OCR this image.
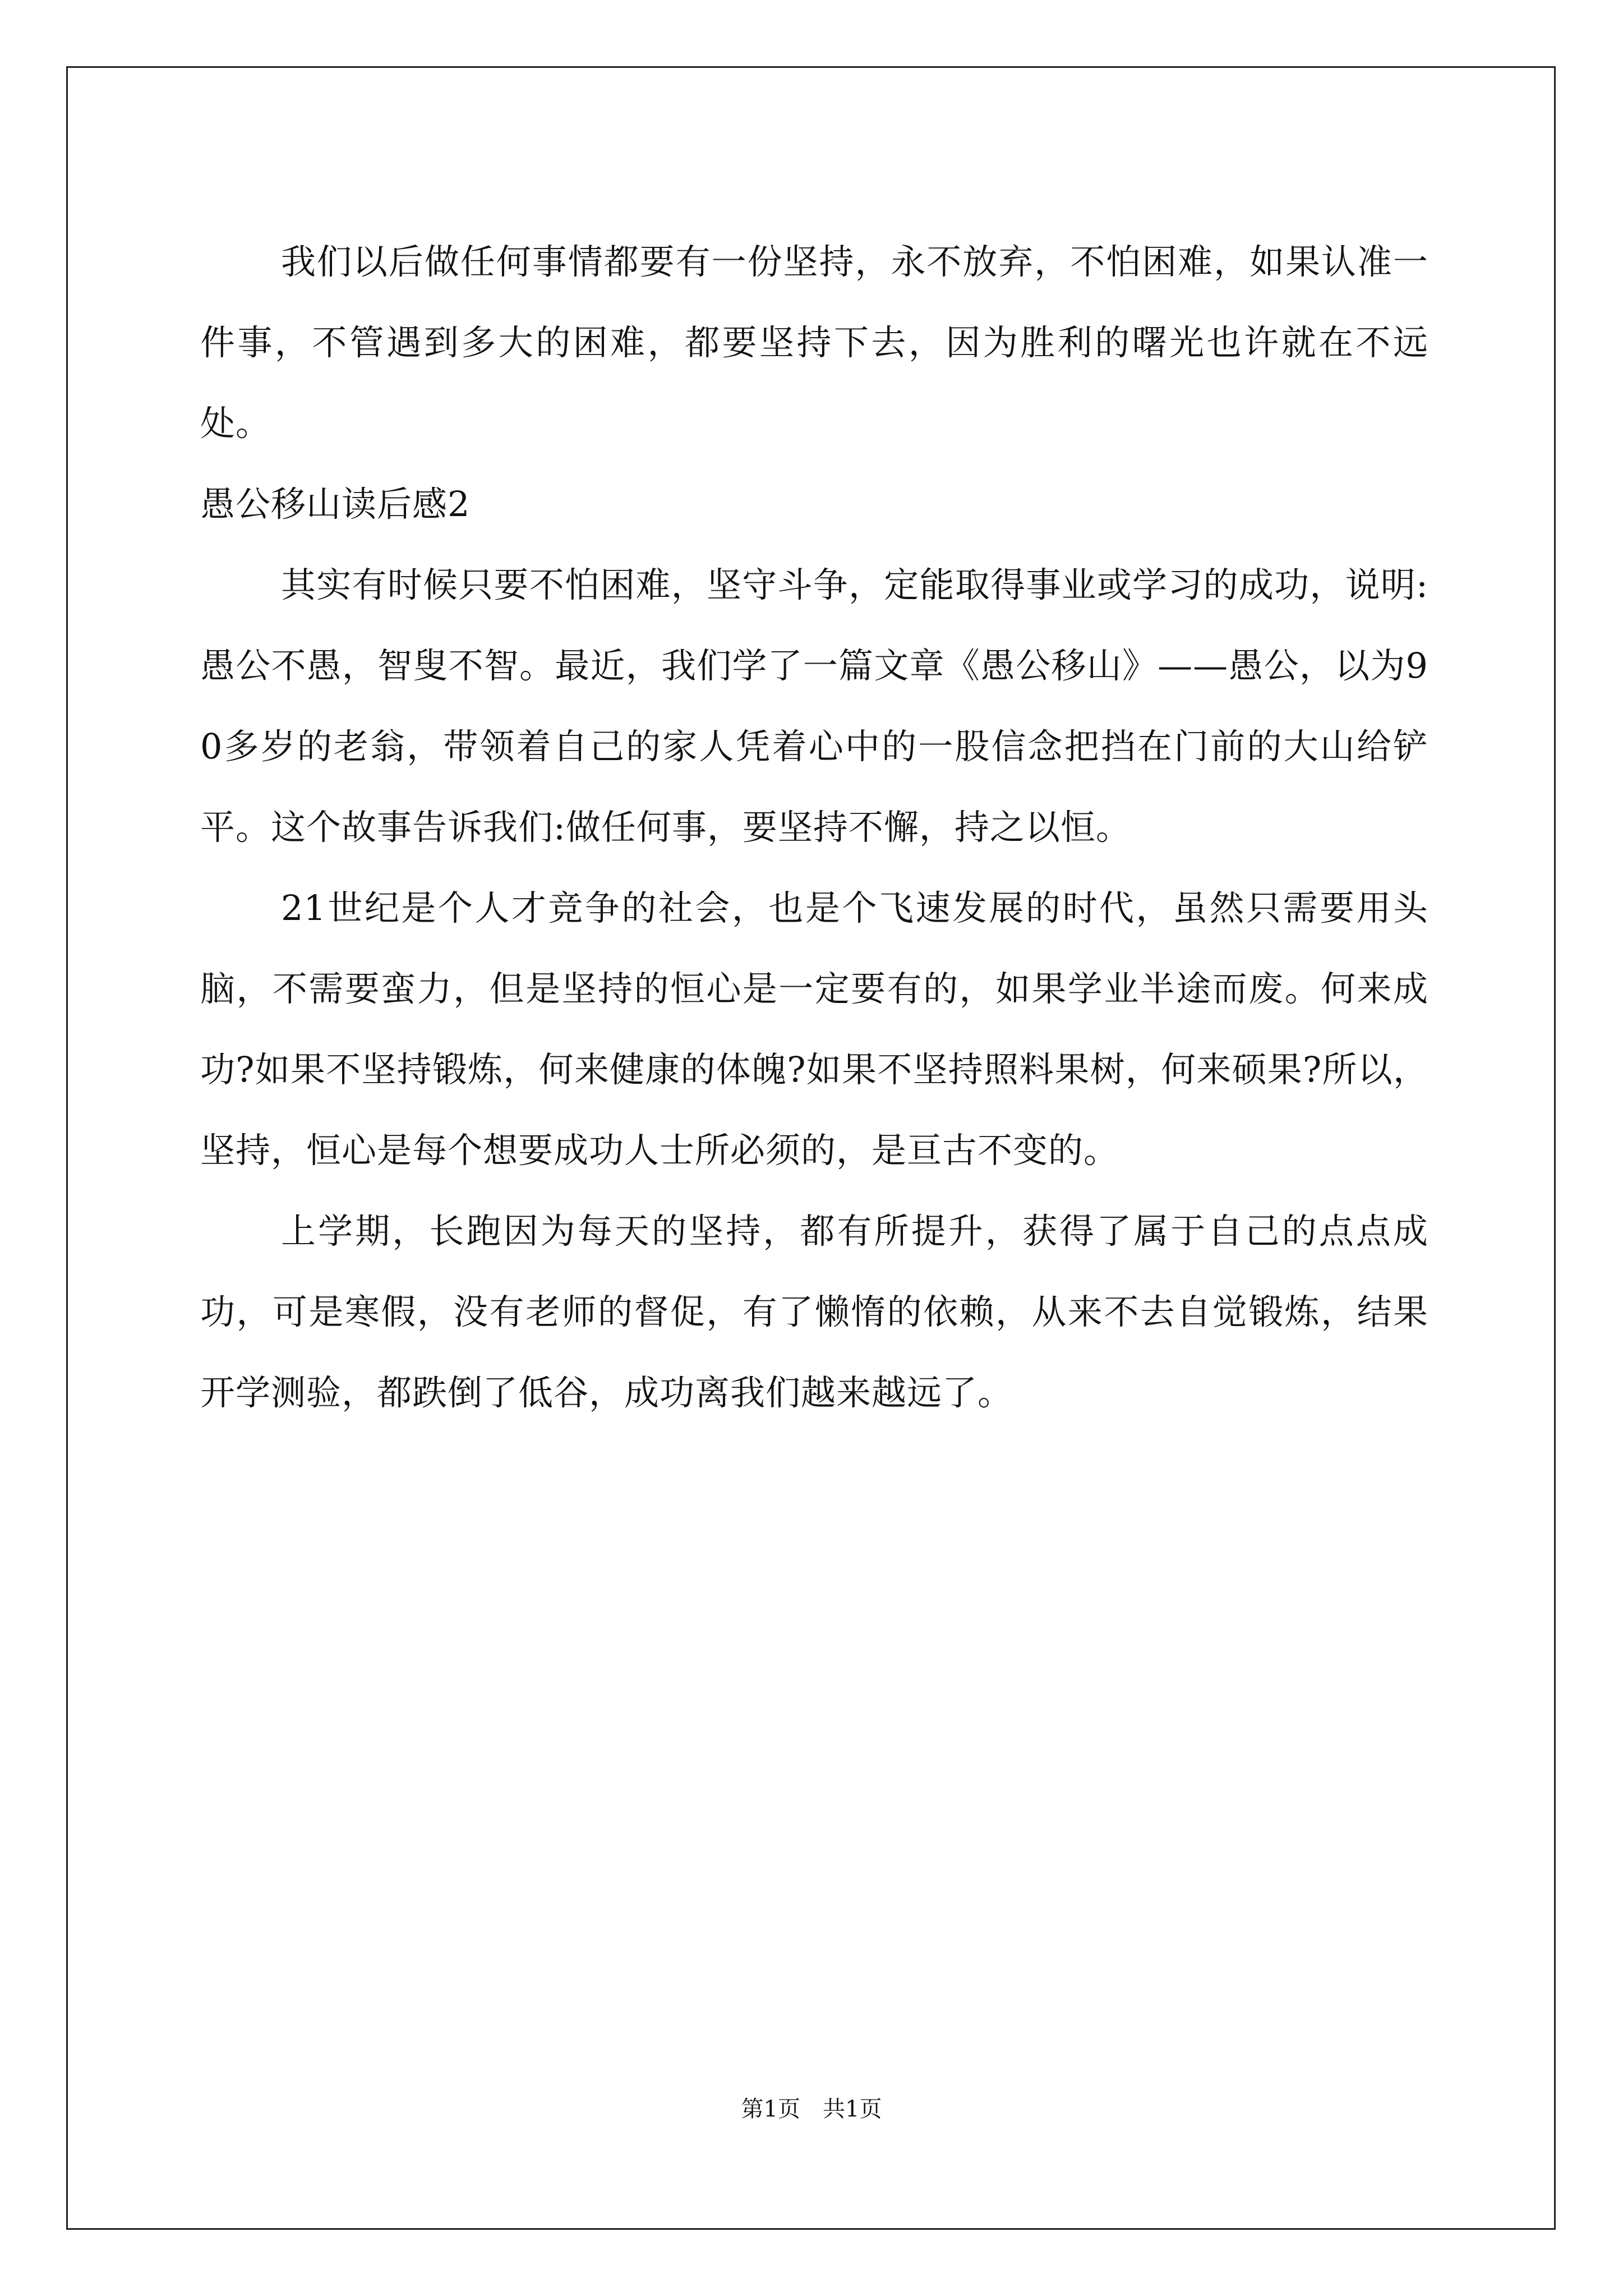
我们以后做任何事情都要有一份坚持，永不放弃，不怕困难，如果认准一件事，不管遇到多大的困难，都要坚持下去，因为胜利的曙光也许就在不远处。

愚公移山读后感2

其实有时候只要不怕困难，坚守斗争，定能取得事业或学习的成功，说明:愚公不愚，智叟不智。最近，我们学了一篇文章《愚公移山》——愚公，以为90多岁的老翁，带领着自己的家人凭着心中的一股信念把挡在门前的大山给铲平。这个故事告诉我们:做任何事，要坚持不懈，持之以恒。

21世纪是个人才竞争的社会，也是个飞速发展的时代，虽然只需要用头脑，不需要蛮力，但是坚持的恒心是一定要有的，如果学业半途而废。何来成功?如果不坚持锻炼，何来健康的体魄?如果不坚持照料果树，何来硕果?所以，坚持，恒心是每个想要成功人士所必须的，是亘古不变的。

上学期，长跑因为每天的坚持，都有所提升，获得了属于自己的点点成功，可是寒假，没有老师的督促，有了懒惰的依赖，从来不去自觉锻炼，结果开学测验，都跌倒了低谷，成功离我们越来越远了。

第1页　共1页
